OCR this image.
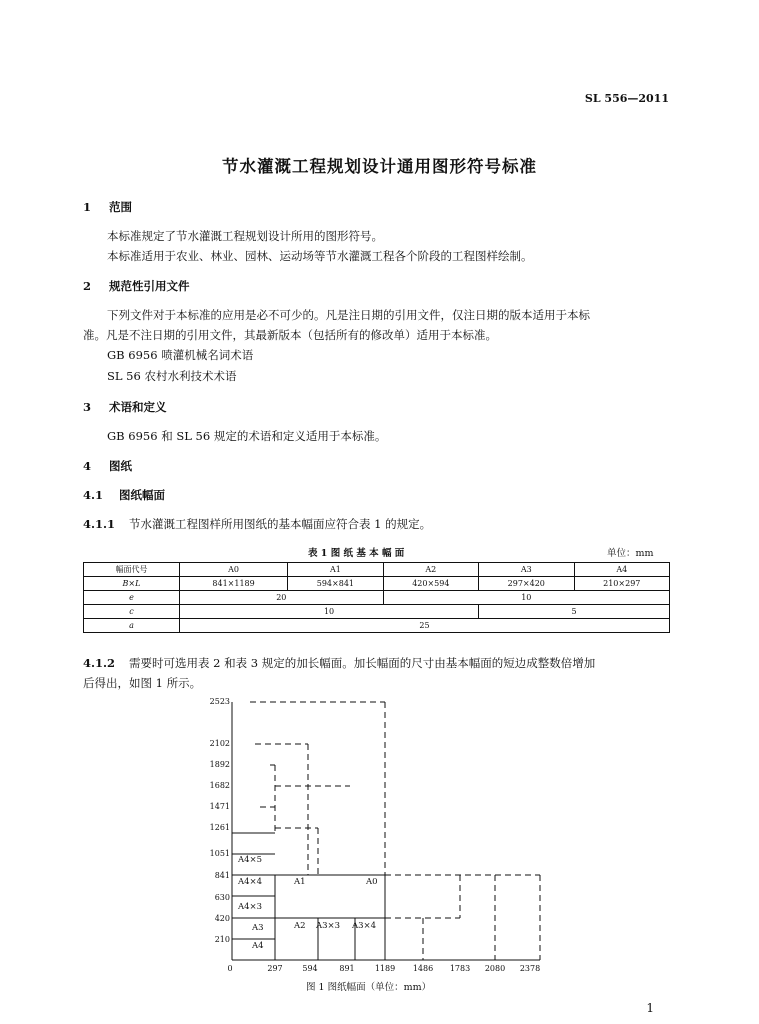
SL 556—2011
节水灌溉工程规划设计通用图形符号标准
1 范围
本标准规定了节水灌溉工程规划设计所用的图形符号。
本标准适用于农业、林业、园林、运动场等节水灌溉工程各个阶段的工程图样绘制。
2 规范性引用文件
下列文件对于本标准的应用是必不可少的。凡是注日期的引用文件，仅注日期的版本适用于本标
准。凡是不注日期的引用文件，其最新版本（包括所有的修改单）适用于本标准。
GB 6956 喷灌机械名词术语
SL 56 农村水利技术术语
3 术语和定义
GB 6956 和 SL 56 规定的术语和定义适用于本标准。
4 图纸
4.1 图纸幅面
4.1.1 节水灌溉工程图样所用图纸的基本幅面应符合表 1 的规定。
表 1 图 纸 基 本 幅 面	单位：mm
幅面代号	A0	A1	A2	A3	A4
B×L	841×1189	594×841	420×594	297×420	210×297
e	20		10		
c	10			5	
a	25				
4.1.2 需要时可选用表 2 和表 3 规定的加长幅面。加长幅面的尺寸由基本幅面的短边成整数倍增加
后得出，如图 1 所示。
2523
2102
1892
1682
1471
1261
1051
841
630
420
210
0	297 594	891	1189 1486 1783 2080 2378
A4×5
A4×4	A1	A0
A4×3
A3	A2 A3×3 A3×4
A4
图 1 图纸幅面（单位：mm）
1
